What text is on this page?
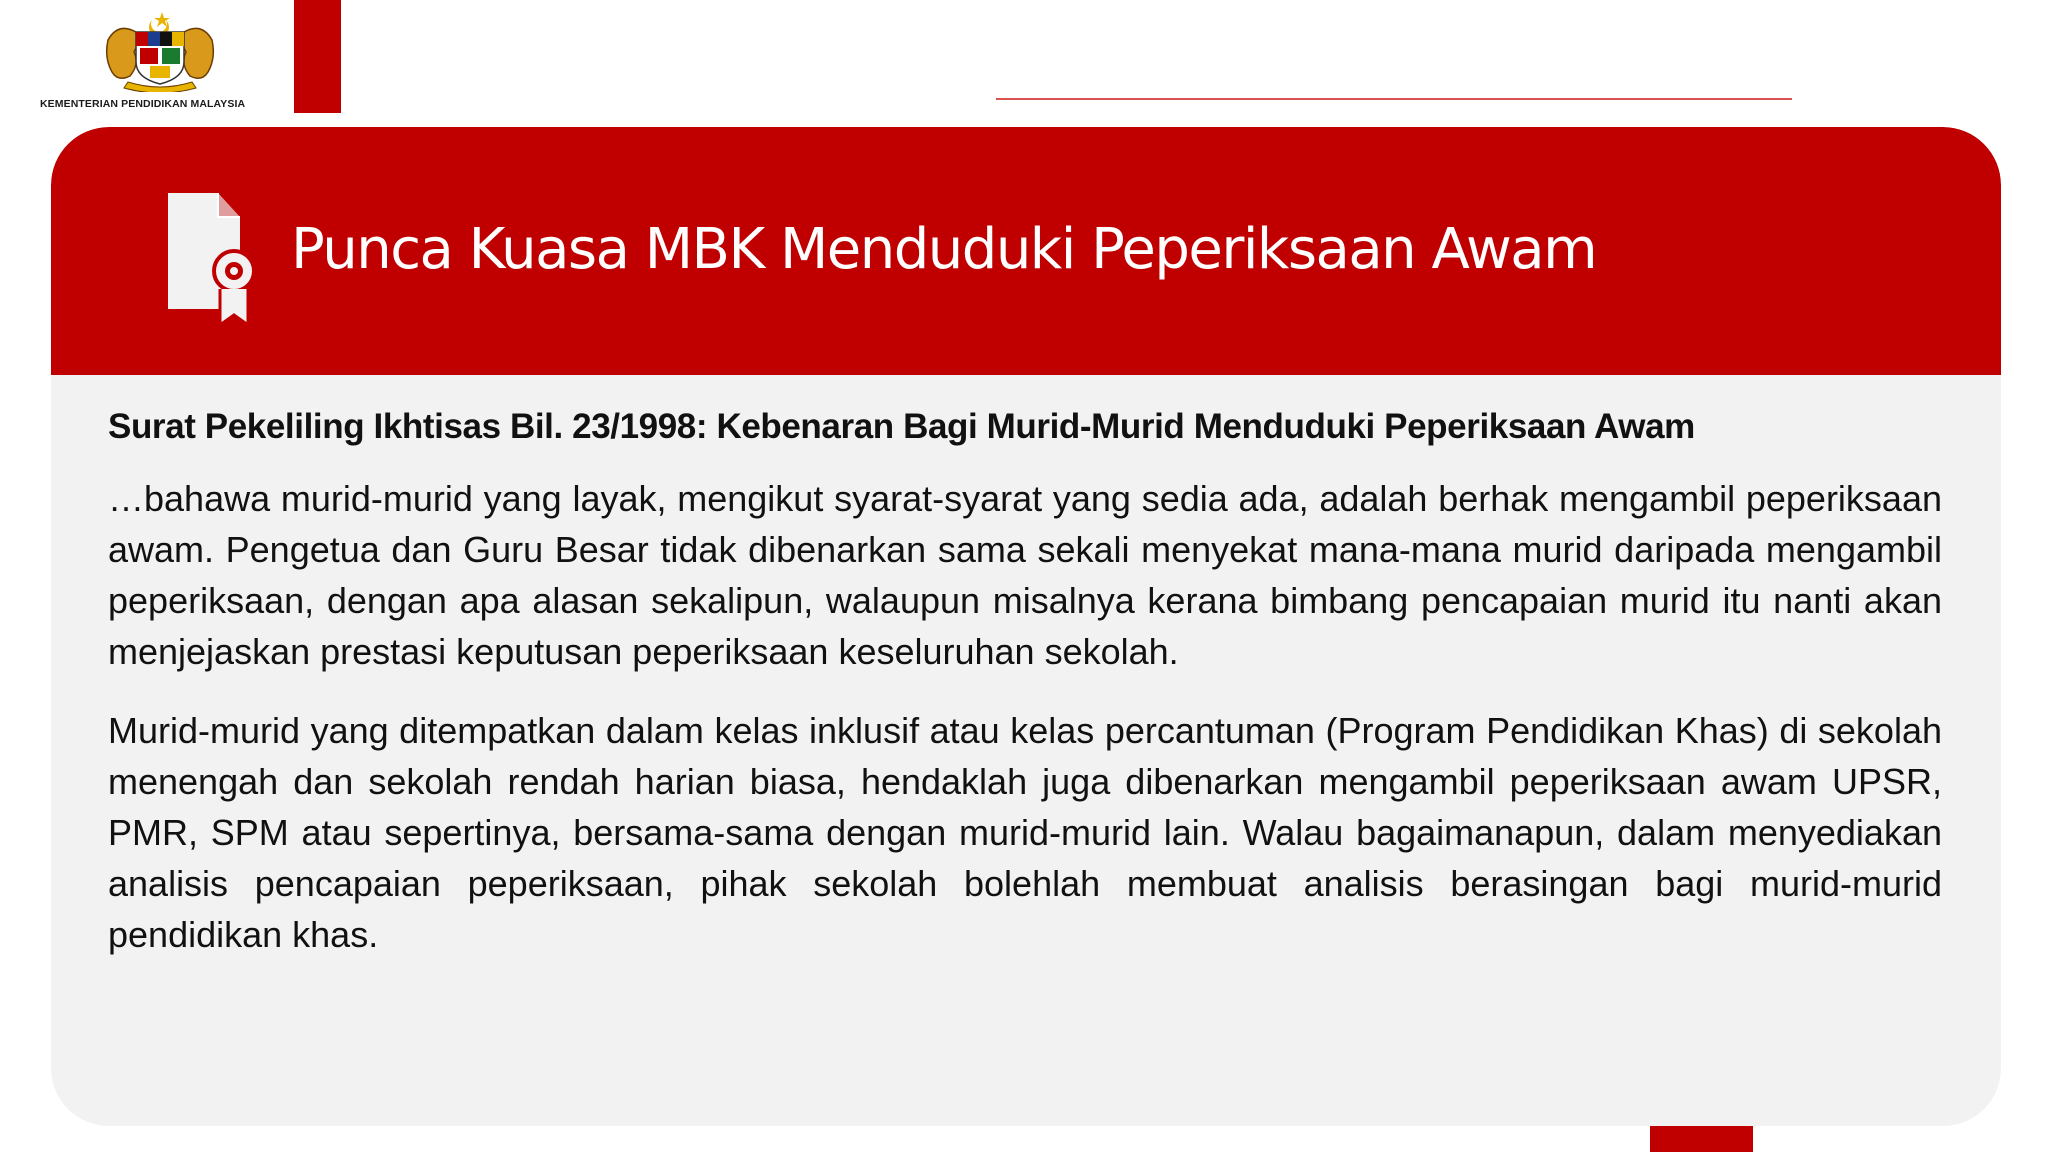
KEMENTERIAN PENDIDIKAN MALAYSIA
Punca Kuasa MBK Menduduki Peperiksaan Awam
Surat Pekeliling Ikhtisas Bil. 23/1998: Kebenaran Bagi Murid-Murid Menduduki Peperiksaan Awam

…bahawa murid-murid yang layak, mengikut syarat-syarat yang sedia ada, adalah berhak mengambil peperiksaan awam. Pengetua dan Guru Besar tidak dibenarkan sama sekali menyekat mana-mana murid daripada mengambil peperiksaan, dengan apa alasan sekalipun, walaupun misalnya kerana bimbang pencapaian murid itu nanti akan menjejaskan prestasi keputusan peperiksaan keseluruhan sekolah.

Murid-murid yang ditempatkan dalam kelas inklusif atau kelas percantuman (Program Pendidikan Khas) di sekolah menengah dan sekolah rendah harian biasa, hendaklah juga dibenarkan mengambil peperiksaan awam UPSR, PMR, SPM atau sepertinya, bersama-sama dengan murid-murid lain. Walau bagaimanapun, dalam menyediakan analisis pencapaian peperiksaan, pihak sekolah bolehlah membuat analisis berasingan bagi murid-murid pendidikan khas.
